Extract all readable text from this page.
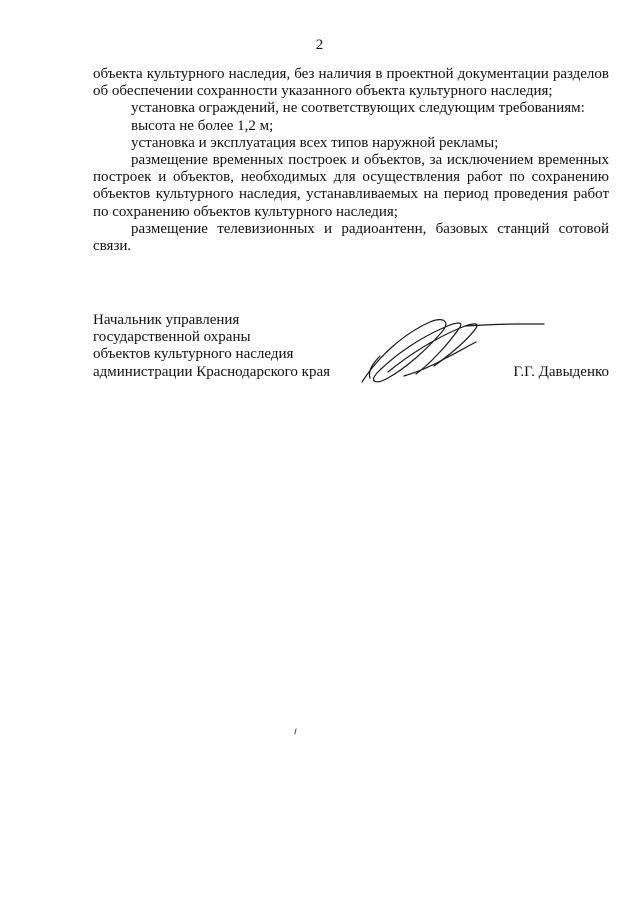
2

объекта культурного наследия, без наличия в проектной документации разделов об обеспечении сохранности указанного объекта культурного наследия;

установка ограждений, не соответствующих следующим требованиям:

высота не более 1,2 м;

установка и эксплуатация всех типов наружной рекламы;

размещение временных построек и объектов, за исключением временных построек и объектов, необходимых для осуществления работ по сохранению объектов культурного наследия, устанавливаемых на период проведения работ по сохранению объектов культурного наследия;

размещение телевизионных и радиоантенн, базовых станций сотовой связи.

Начальник управления
государственной охраны
объектов культурного наследия
администрации Краснодарского края	Г.Г. Давыденко
